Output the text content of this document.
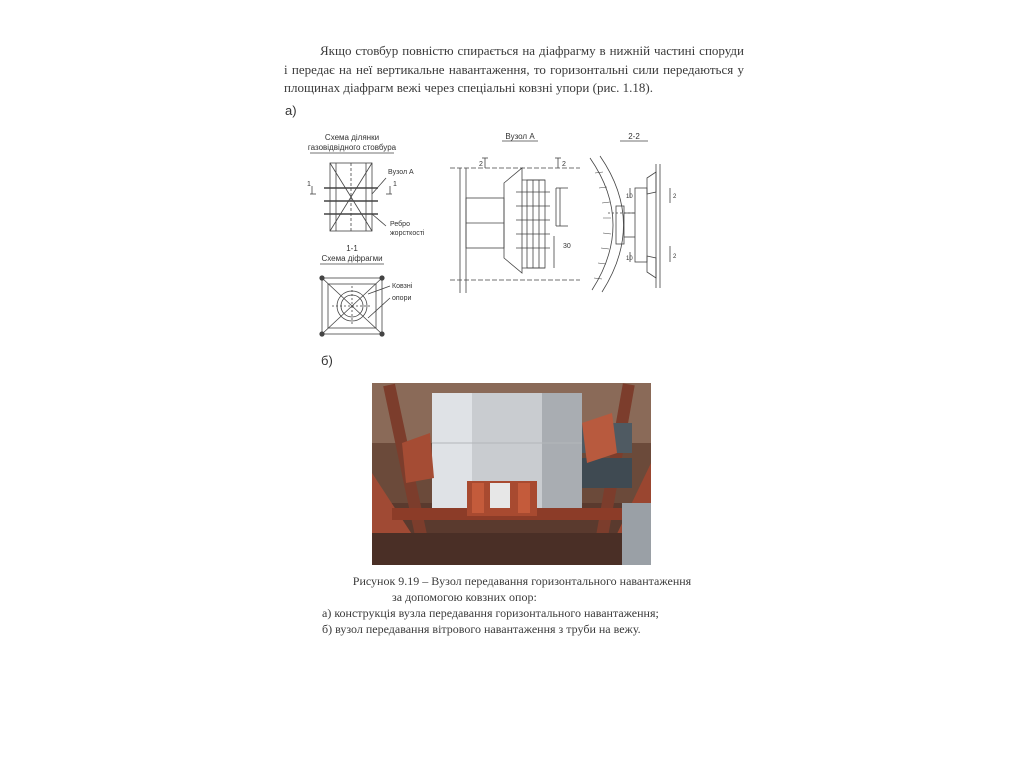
Якщо стовбур повністю спирається на діафрагму в нижній частині споруди і передає на неї вертикальне навантаження, то горизонтальні сили передаються у площинах діафрагм вежі через спеціальні ковзні упори (рис. 1.18).
а)
Схема ділянки
газовідвідного стовбура
1	1
Вузол А
Ребро
жорсткості
1-1
Схема діфрагми
Ковзні
опори
Вузол А
2	2
30
2-2
10
10
2
2
б)
Рисунок 9.19 – Вузол передавання горизонтального навантаження
за допомогою ковзних опор:
а) конструкція вузла передавання горизонтального навантаження;
б) вузол передавання вітрового навантаження з труби на вежу.
